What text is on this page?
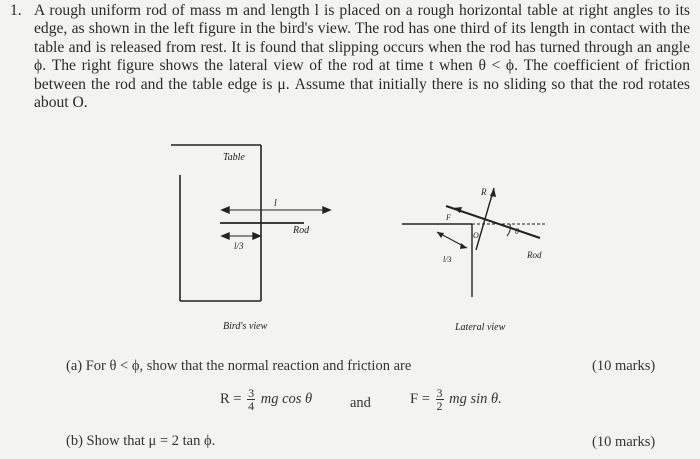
1. A rough uniform rod of mass m and length l is placed on a rough horizontal table at right angles to its edge, as shown in the left figure in the bird's view. The rod has one third of its length in contact with the table and is released from rest. It is found that slipping occurs when the rod has turned through an angle ϕ. The right figure shows the lateral view of the rod at time t when θ < ϕ. The coefficient of friction between the rod and the table edge is μ. Assume that initially there is no sliding so that the rod rotates about O.
Table
l
Rod
l/3
Bird's view
R
F
O	θ
l/3	Rod
Lateral view
(a) For θ < ϕ, show that the normal reaction and friction are	(10 marks)
$R = \frac{3}{4}$ mg cos θ	and	$F = \frac{3}{2}$ mg sin θ.
(b) Show that μ = 2 tan ϕ.	(10 marks)
